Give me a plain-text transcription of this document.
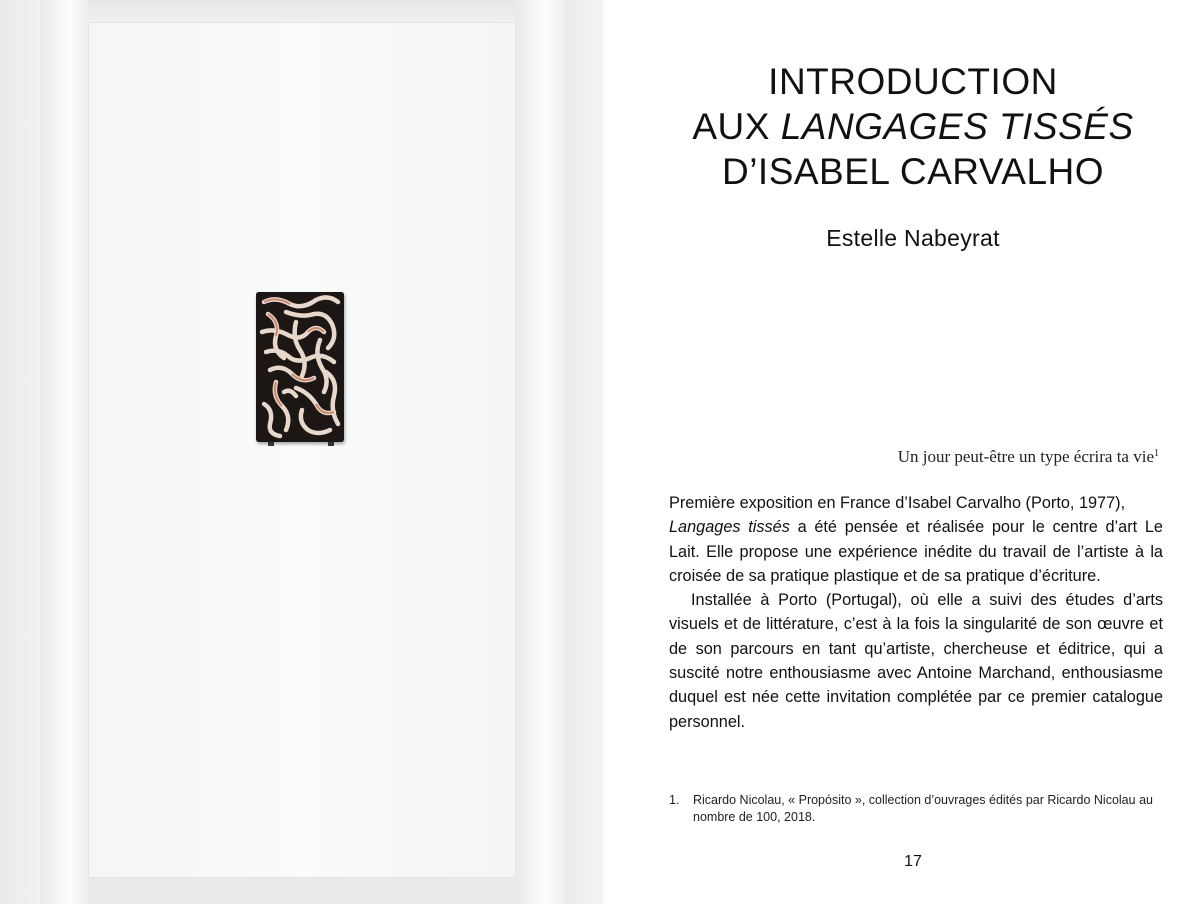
INTRODUCTION
AUX LANGAGES TISSÉS
D’ISABEL CARVALHO
Estelle Nabeyrat
Un jour peut-être un type écrira ta vie$^1$

Première exposition en France d’Isabel Carvalho (Porto, 1977),
Langages tissés a été pensée et réalisée pour le centre d’art Le Lait. Elle propose une expérience inédite du travail de l’artiste à la croisée de sa pratique plastique et de sa pratique d’écriture.

Installée à Porto (Portugal), où elle a suivi des études d’arts visuels et de littérature, c’est à la fois la singularité de son œuvre et de son parcours en tant qu’artiste, chercheuse et éditrice, qui a suscité notre enthousiasme avec Antoine Marchand, enthousiasme duquel est née cette invitation complétée par ce premier catalogue personnel.

1.	Ricardo Nicolau, « Propósito », collection d’ouvrages édités par Ricardo Nicolau au nombre de 100, 2018.
17
